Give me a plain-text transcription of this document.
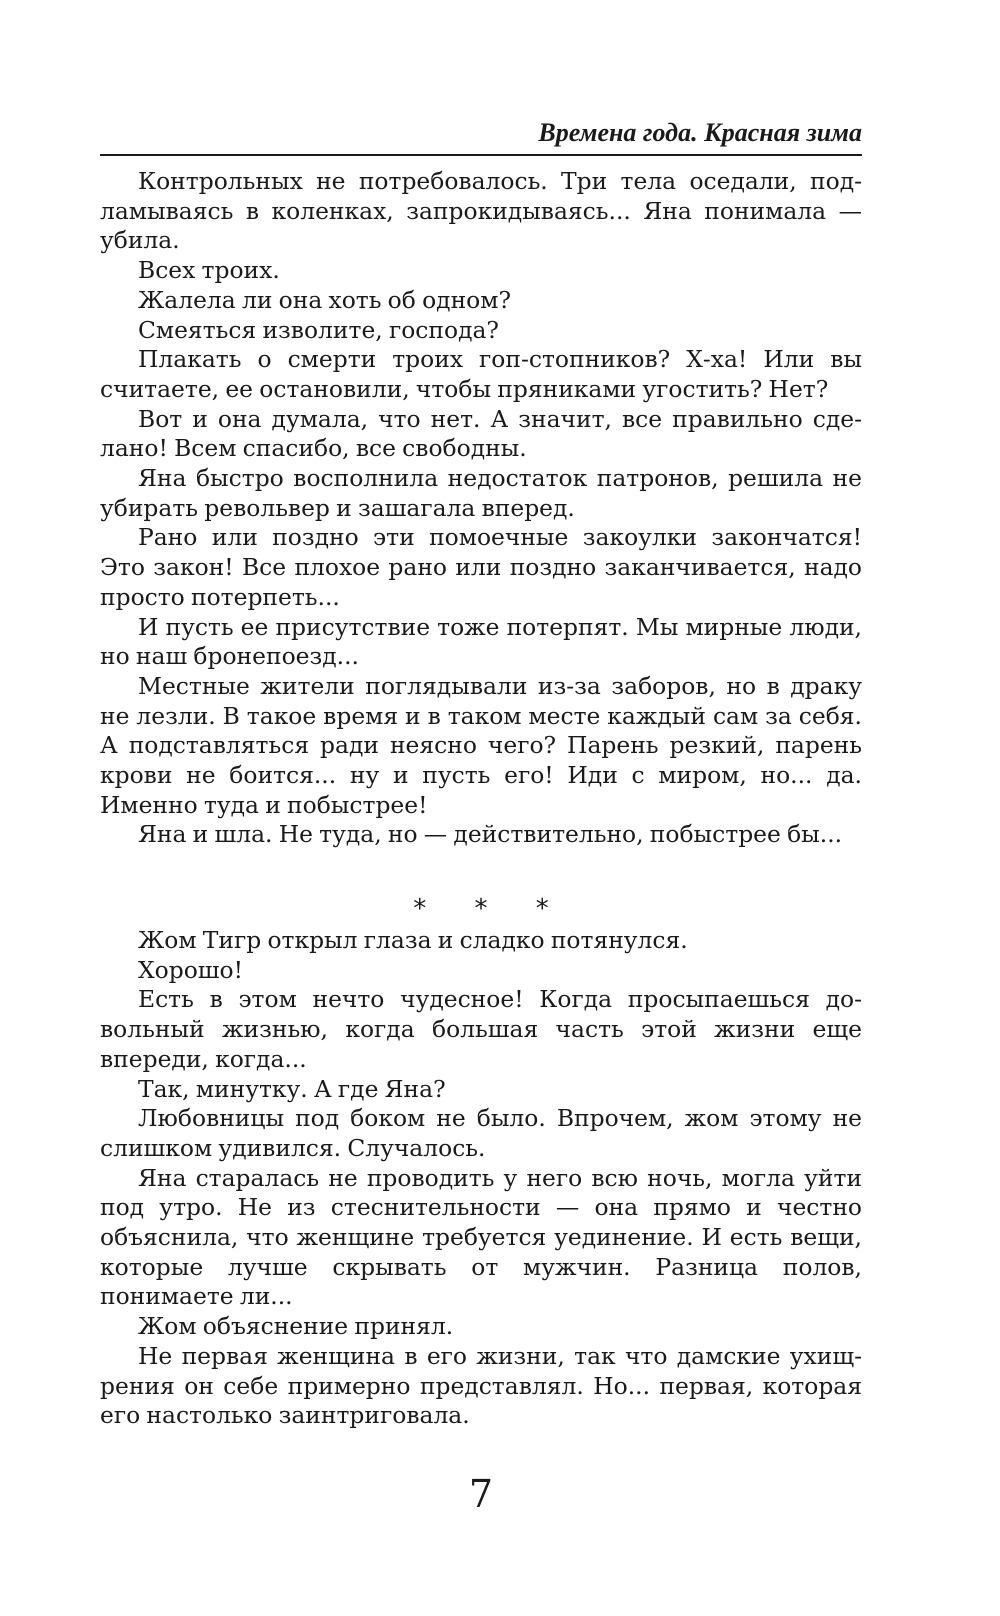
Времена года. Красная зима

Контрольных не потребовалось. Три тела оседали, подламываясь в коленках, запрокидываясь... Яна понимала — убила.

Всех троих.

Жалела ли она хоть об одном?

Смеяться изволите, господа?

Плакать о смерти троих гоп-стопников? Х-ха! Или вы считаете, ее остановили, чтобы пряниками угостить? Нет?

Вот и она думала, что нет. А значит, все правильно сделано! Всем спасибо, все свободны.

Яна быстро восполнила недостаток патронов, решила не убирать револьвер и зашагала вперед.

Рано или поздно эти помоечные закоулки закончатся! Это закон! Все плохое рано или поздно заканчивается, надо просто потерпеть...

И пусть ее присутствие тоже потерпят. Мы мирные люди, но наш бронепоезд...

Местные жители поглядывали из-за заборов, но в драку не лезли. В такое время и в таком месте каждый сам за себя. А подставляться ради неясно чего? Парень резкий, парень крови не боится... ну и пусть его! Иди с миром, но... да. Именно туда и побыстрее!

Яна и шла. Не туда, но — действительно, побыстрее бы...

* * *

Жом Тигр открыл глаза и сладко потянулся.

Хорошо!

Есть в этом нечто чудесное! Когда просыпаешься довольный жизнью, когда большая часть этой жизни еще впереди, когда...

Так, минутку. А где Яна?

Любовницы под боком не было. Впрочем, жом этому не слишком удивился. Случалось.

Яна старалась не проводить у него всю ночь, могла уйти под утро. Не из стеснительности — она прямо и честно объяснила, что женщине требуется уединение. И есть вещи, которые лучше скрывать от мужчин. Разница полов, понимаете ли...

Жом объяснение принял.

Не первая женщина в его жизни, так что дамские ухищрения он себе примерно представлял. Но... первая, которая его настолько заинтриговала.

7
